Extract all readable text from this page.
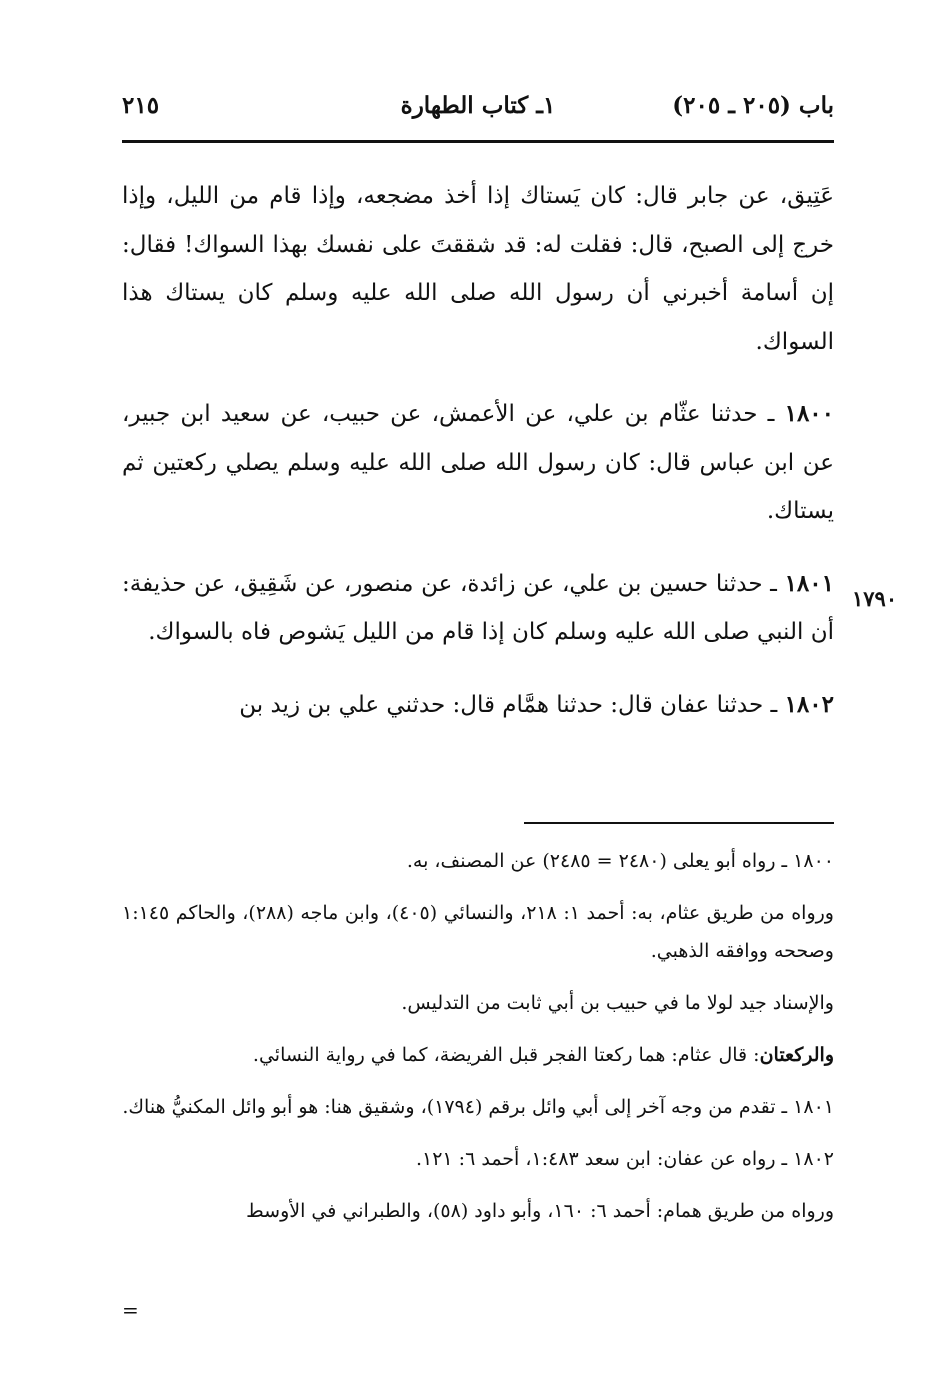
باب (٢٠٥ ـ ٢٠٥)
١ـ كتاب الطهارة
٢١٥

عَتِيق، عن جابر قال: كان يَستاك إذا أخذ مضجعه، وإذا قام من الليل، وإذا خرج إلى الصبح، قال: فقلت له: قد شققتَ على نفسك بهذا السواك! فقال: إن أسامة أخبرني أن رسول الله صلى الله عليه وسلم كان يستاك هذا السواك.

١٨٠٠ ـ حدثنا عثّام بن علي، عن الأعمش، عن حبيب، عن سعيد ابن جبير، عن ابن عباس قال: كان رسول الله صلى الله عليه وسلم يصلي ركعتين ثم يستاك.

١٨٠١ ـ حدثنا حسين بن علي، عن زائدة، عن منصور، عن شَقِيق، عن حذيفة: أن النبي صلى الله عليه وسلم كان إذا قام من الليل يَشوص فاه بالسواك.

١٨٠٢ ـ حدثنا عفان قال: حدثنا همَّام قال: حدثني علي بن زيد بن

١٧٩٠

١٨٠٠ ـ رواه أبو يعلى (٢٤٨٠ = ٢٤٨٥) عن المصنف، به.

ورواه من طريق عثام، به: أحمد ١: ٢١٨، والنسائي (٤٠٥)، وابن ماجه (٢٨٨)، والحاكم ١:١٤٥ وصححه ووافقه الذهبي.

والإسناد جيد لولا ما في حبيب بن أبي ثابت من التدليس.

والركعتان: قال عثام: هما ركعتا الفجر قبل الفريضة، كما في رواية النسائي.

١٨٠١ ـ تقدم من وجه آخر إلى أبي وائل برقم (١٧٩٤)، وشقيق هنا: هو أبو وائل المكنيُّ هناك.

١٨٠٢ ـ رواه عن عفان: ابن سعد ١:٤٨٣، أحمد ٦: ١٢١.

ورواه من طريق همام: أحمد ٦: ١٦٠، وأبو داود (٥٨)، والطبراني في الأوسط

=
